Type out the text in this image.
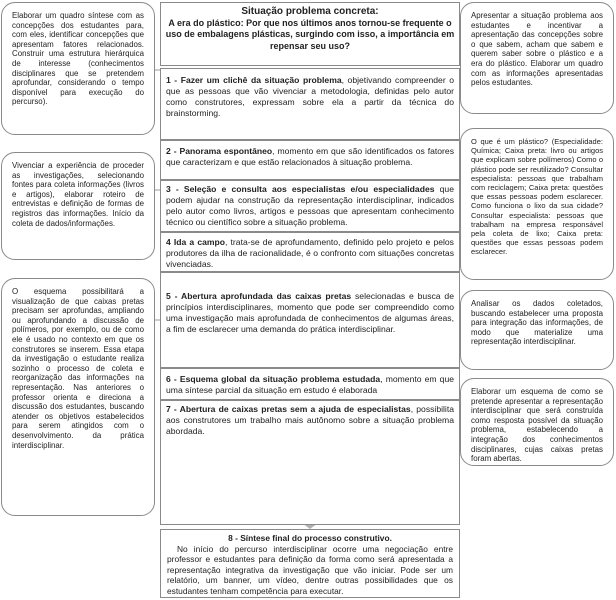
Situação problema concreta:
A era do plástico: Por que nos últimos anos tornou-se frequente o uso de embalagens plásticas, surgindo com isso, a importância em repensar seu uso?
1 - Fazer um clichê da situação problema, objetivando compreender o que as pessoas que vão vivenciar a metodologia, definidas pelo autor como construtores, expressam sobre ela a partir da técnica do brainstorming.
2 - Panorama espontâneo, momento em que são identificados os fatores que caracterizam e que estão relacionados à situação problema.
3 - Seleção e consulta aos especialistas e/ou especialidades que podem ajudar na construção da representação interdisciplinar, indicados pelo autor como livros, artigos e pessoas que apresentam conhecimento técnico ou científico sobre a situação problema.
4 Ida a campo, trata-se de aprofundamento, definido pelo projeto e pelos produtores da ilha de racionalidade, é o confronto com situações concretas vivenciadas.
5 - Abertura aprofundada das caixas pretas selecionadas e busca de princípios interdisciplinares, momento que pode ser compreendido como uma investigação mais aprofundada de conhecimentos de algumas áreas, a fim de esclarecer uma demanda do prática interdisciplinar.
6 - Esquema global da situação problema estudada, momento em que uma síntese parcial da situação em estudo é elaborada
7 - Abertura de caixas pretas sem a ajuda de especialistas, possibilita aos construtores um trabalho mais autônomo sobre a situação problema abordada.
8 - Síntese final do processo construtivo.
No início do percurso interdisciplinar ocorre uma negociação entre professor e estudantes para definição da forma como será apresentada a representação integrativa da investigação que vão iniciar. Pode ser um relatório, um banner, um vídeo, dentre outras possibilidades que os estudantes tenham competência para executar.
Elaborar um quadro síntese com as concepções dos estudantes para, com eles, identificar concepções que apresentam fatores relacionados. Construir uma estrutura hierárquica de interesse (conhecimentos disciplinares que se pretendem aprofundar, considerando o tempo disponível para execução do percurso).
Vivenciar a experiência de proceder as investigações, selecionando fontes para coleta informações (livros e artigos), elaborar roteiro de entrevistas e definição de formas de registros das informações. Início da coleta de dados/informações.
O esquema possibilitará a visualização de que caixas pretas precisam ser aprofundas, ampliando ou aprofundando a discussão de polímeros, por exemplo, ou de como ele é usado no contexto em que os construtores se inserem. Essa etapa da investigação o estudante realiza sozinho o processo de coleta e reorganização das informações na representação. Nas anteriores o professor orienta e direciona a discussão dos estudantes, buscando atender os objetivos estabelecidos para serem atingidos com o desenvolvimento. da prática interdisciplinar.
Apresentar a situação problema aos estudantes e incentivar a apresentação das concepções sobre o que sabem, acham que sabem e querem saber sobre o plástico e a era do plástico. Elaborar um quadro com as informações apresentadas pelos estudantes.
O que é um plástico? (Especialidade: Química; Caixa preta: livro ou artigos que explicam sobre polímeros) Como o plástico pode ser reutilizado? Consultar especialista: pessoas que trabalham com reciclagem; Caixa preta: questões que essas pessoas podem esclarecer. Como funciona o lixo da sua cidade? Consultar especialista: pessoas que trabalham na empresa responsável pela coleta de lixo; Caixa preta: questões que essas pessoas podem esclarecer.
Analisar os dados coletados, buscando estabelecer uma proposta para integração das informações, de modo que materialize uma representação interdisciplinar.
Elaborar um esquema de como se pretende apresentar a representação interdisciplinar que será construída como resposta possível da situação problema, estabelecendo a integração dos conhecimentos disciplinares, cujas caixas pretas foram abertas.
